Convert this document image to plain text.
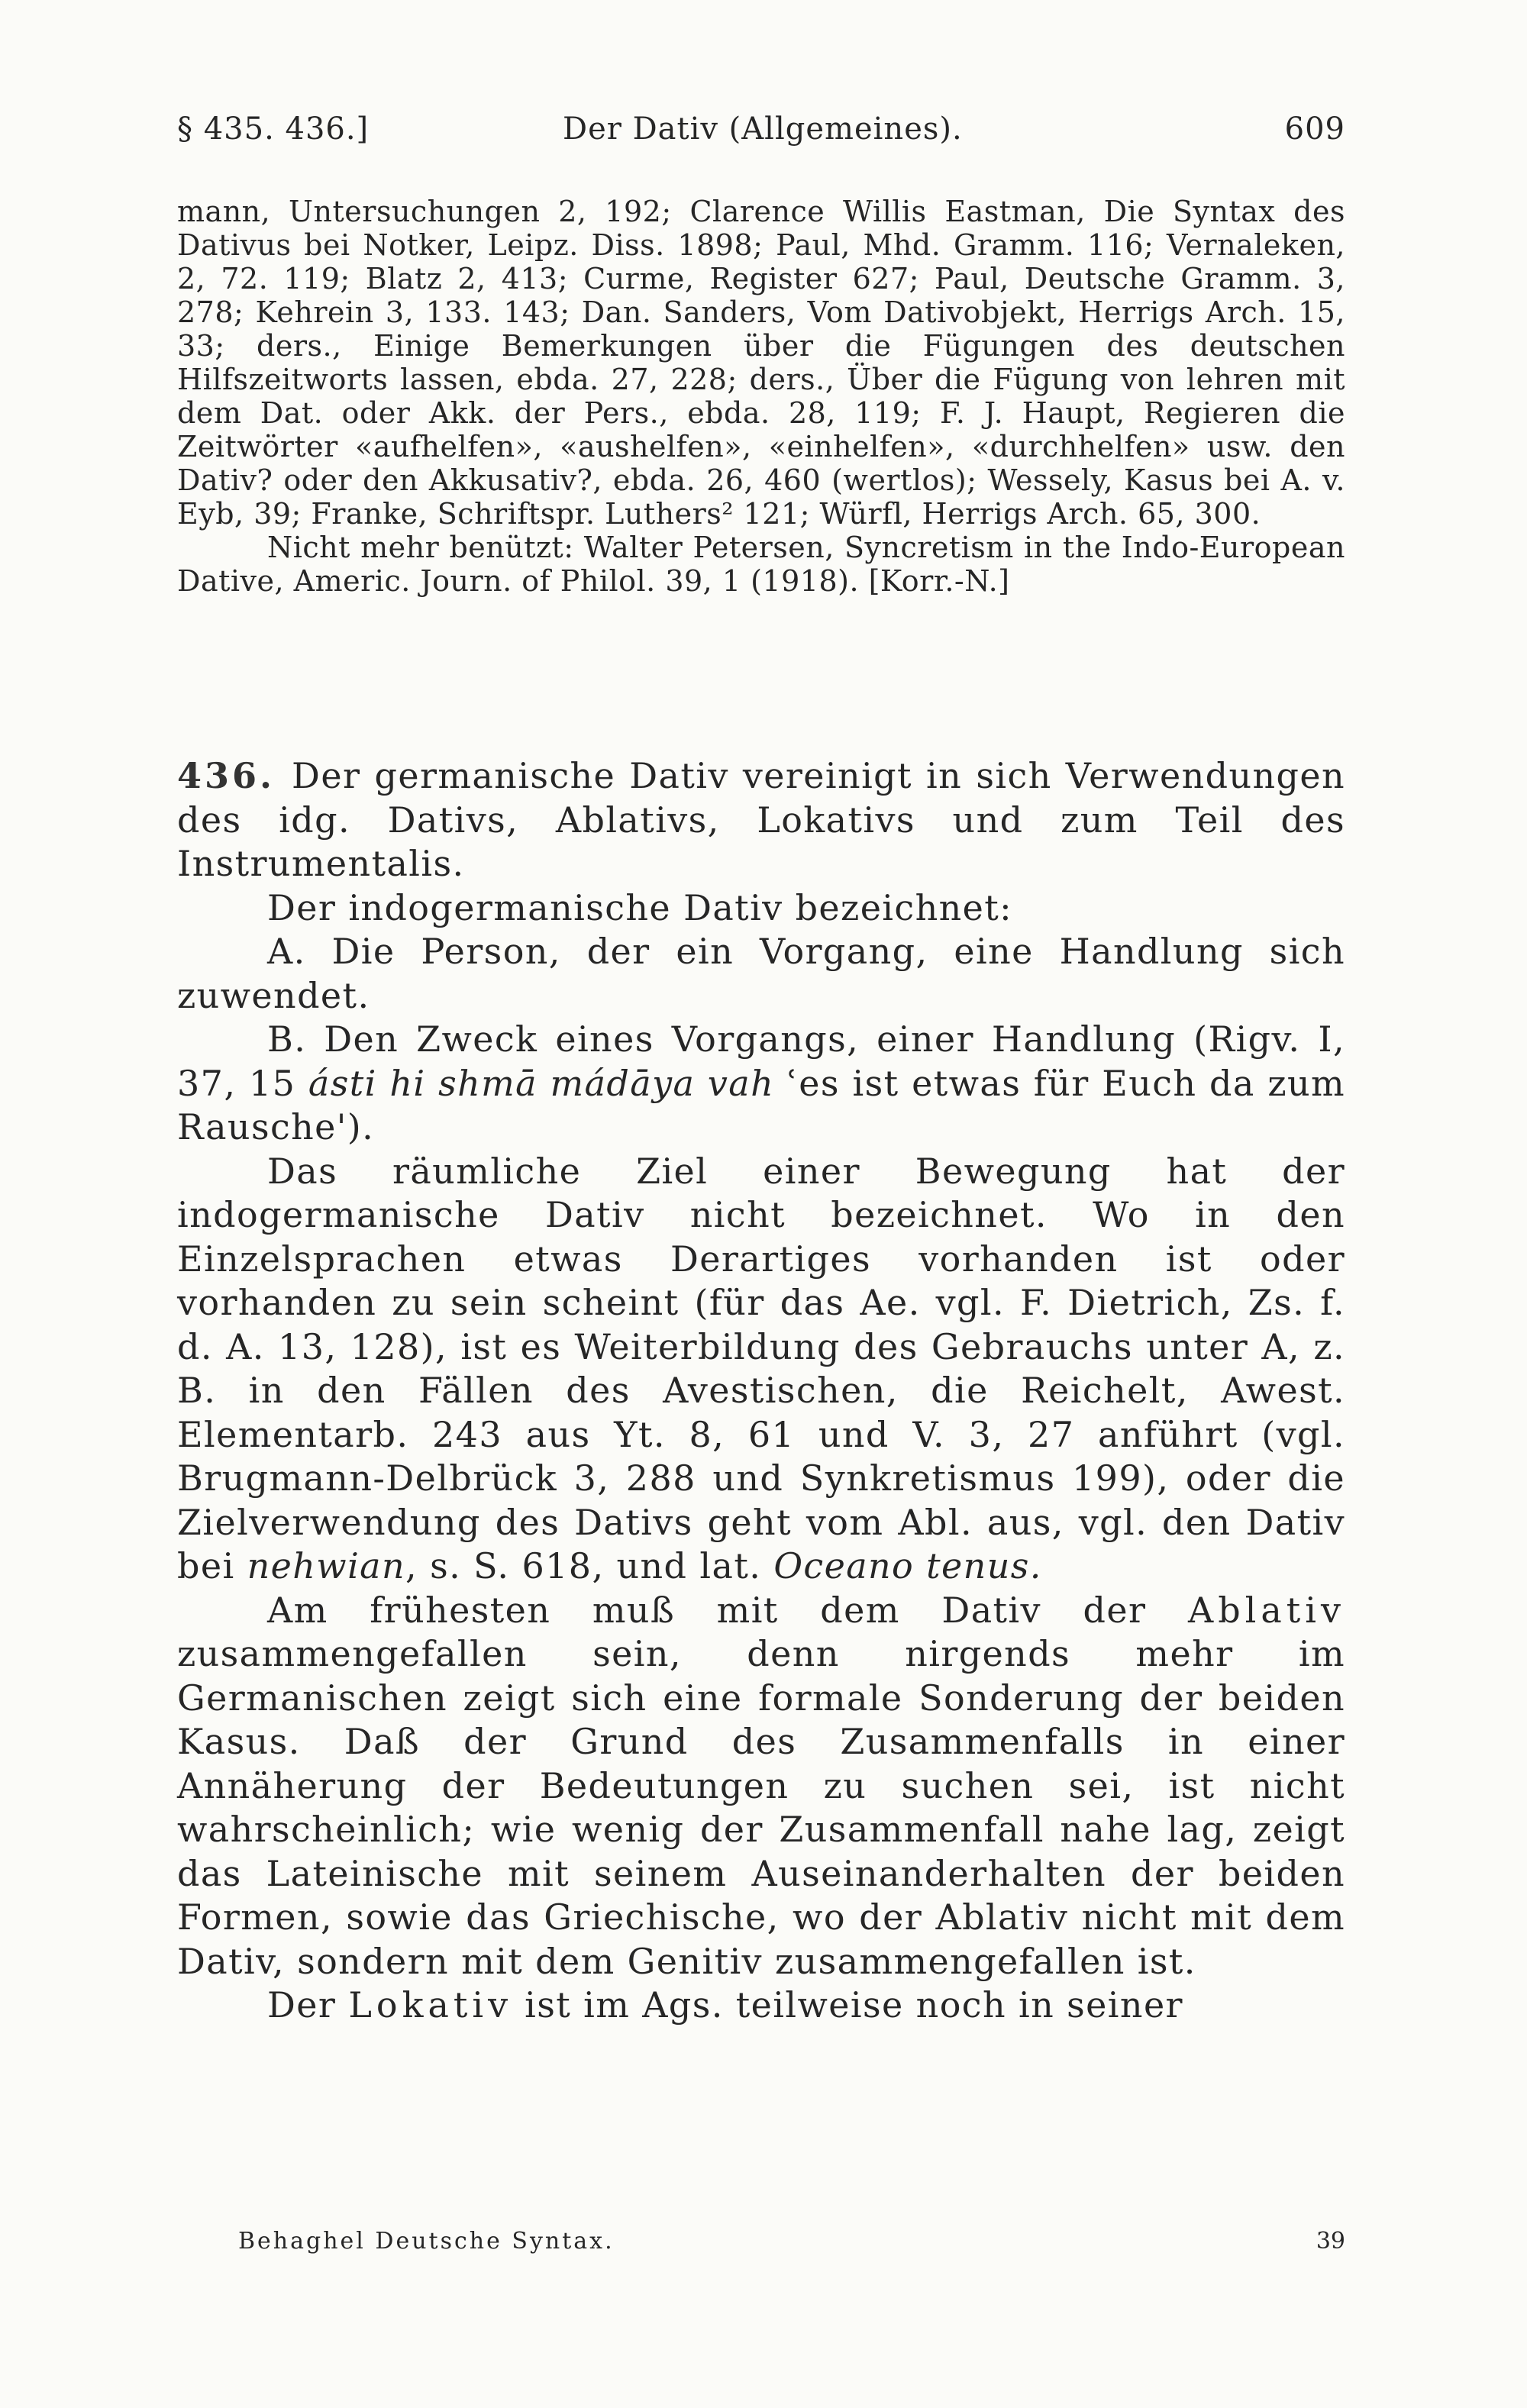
§ 435. 436.]	Der Dativ (Allgemeines).	609

mann, Untersuchungen 2, 192; Clarence Willis Eastman, Die Syntax des Dativus bei Notker, Leipz. Diss. 1898; Paul, Mhd. Gramm. 116; Vernaleken, 2, 72. 119; Blatz 2, 413; Curme, Register 627; Paul, Deutsche Gramm. 3, 278; Kehrein 3, 133. 143; Dan. Sanders, Vom Dativobjekt, Herrigs Arch. 15, 33; ders., Einige Bemerkungen über die Fügungen des deutschen Hilfszeitworts lassen, ebda. 27, 228; ders., Über die Fügung von lehren mit dem Dat. oder Akk. der Pers., ebda. 28, 119; F. J. Haupt, Regieren die Zeitwörter «aufhelfen», «aushelfen», «einhelfen», «durchhelfen» usw. den Dativ? oder den Akkusativ?, ebda. 26, 460 (wertlos); Wessely, Kasus bei A. v. Eyb, 39; Franke, Schriftspr. Luthers² 121; Würfl, Herrigs Arch. 65, 300.

Nicht mehr benützt: Walter Petersen, Syncretism in the Indo-European Dative, Americ. Journ. of Philol. 39, 1 (1918). [Korr.-N.]

436. Der germanische Dativ vereinigt in sich Verwendungen des idg. Dativs, Ablativs, Lokativs und zum Teil des Instrumentalis.

Der indogermanische Dativ bezeichnet:

A. Die Person, der ein Vorgang, eine Handlung sich zuwendet.

B. Den Zweck eines Vorgangs, einer Handlung (Rigv. I, 37, 15 ásti hi shmā mádāya vah ʿes ist etwas für Euch da zum Rausche').

Das räumliche Ziel einer Bewegung hat der indogermanische Dativ nicht bezeichnet. Wo in den Einzelsprachen etwas Derartiges vorhanden ist oder vorhanden zu sein scheint (für das Ae. vgl. F. Dietrich, Zs. f. d. A. 13, 128), ist es Weiterbildung des Gebrauchs unter A, z. B. in den Fällen des Avestischen, die Reichelt, Awest. Elementarb. 243 aus Yt. 8, 61 und V. 3, 27 anführt (vgl. Brugmann-Delbrück 3, 288 und Synkretismus 199), oder die Zielverwendung des Dativs geht vom Abl. aus, vgl. den Dativ bei nehwian, s. S. 618, und lat. Oceano tenus.

Am frühesten muß mit dem Dativ der Ablativ zusammengefallen sein, denn nirgends mehr im Germanischen zeigt sich eine formale Sonderung der beiden Kasus. Daß der Grund des Zusammenfalls in einer Annäherung der Bedeutungen zu suchen sei, ist nicht wahrscheinlich; wie wenig der Zusammenfall nahe lag, zeigt das Lateinische mit seinem Auseinanderhalten der beiden Formen, sowie das Griechische, wo der Ablativ nicht mit dem Dativ, sondern mit dem Genitiv zusammengefallen ist.

Der Lokativ ist im Ags. teilweise noch in seiner

Behaghel Deutsche Syntax.	39
